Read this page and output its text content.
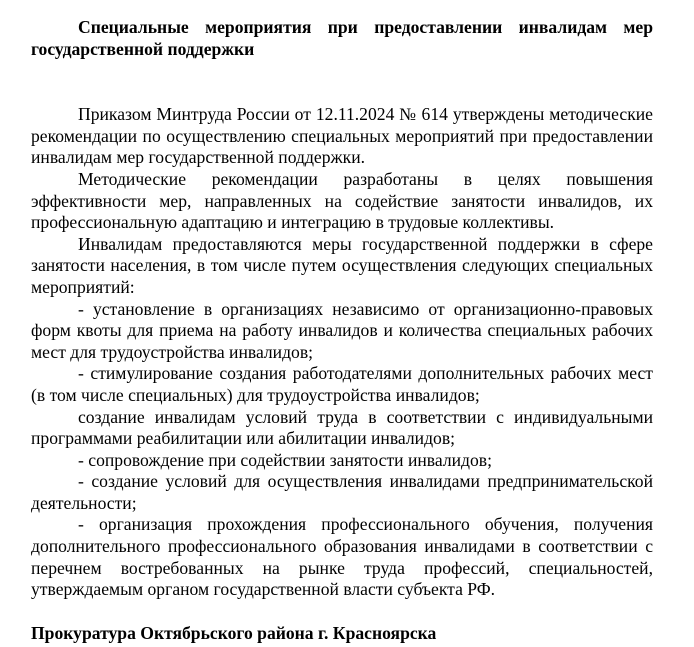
Специальные мероприятия при предоставлении инвалидам мер государственной поддержки

Приказом Минтруда России от 12.11.2024 № 614 утверждены методические рекомендации по осуществлению специальных мероприятий при предоставлении инвалидам мер государственной поддержки.

Методические рекомендации разработаны в целях повышения эффективности мер, направленных на содействие занятости инвалидов, их профессиональную адаптацию и интеграцию в трудовые коллективы.

Инвалидам предоставляются меры государственной поддержки в сфере занятости населения, в том числе путем осуществления следующих специальных мероприятий:

- установление в организациях независимо от организационно-правовых форм квоты для приема на работу инвалидов и количества специальных рабочих мест для трудоустройства инвалидов;

- стимулирование создания работодателями дополнительных рабочих мест (в том числе специальных) для трудоустройства инвалидов;

создание инвалидам условий труда в соответствии с индивидуальными программами реабилитации или абилитации инвалидов;

- сопровождение при содействии занятости инвалидов;

- создание условий для осуществления инвалидами предпринимательской деятельности;

- организация прохождения профессионального обучения, получения дополнительного профессионального образования инвалидами в соответствии с перечнем востребованных на рынке труда профессий, специальностей, утверждаемым органом государственной власти субъекта РФ.

Прокуратура Октябрьского района г. Красноярска
